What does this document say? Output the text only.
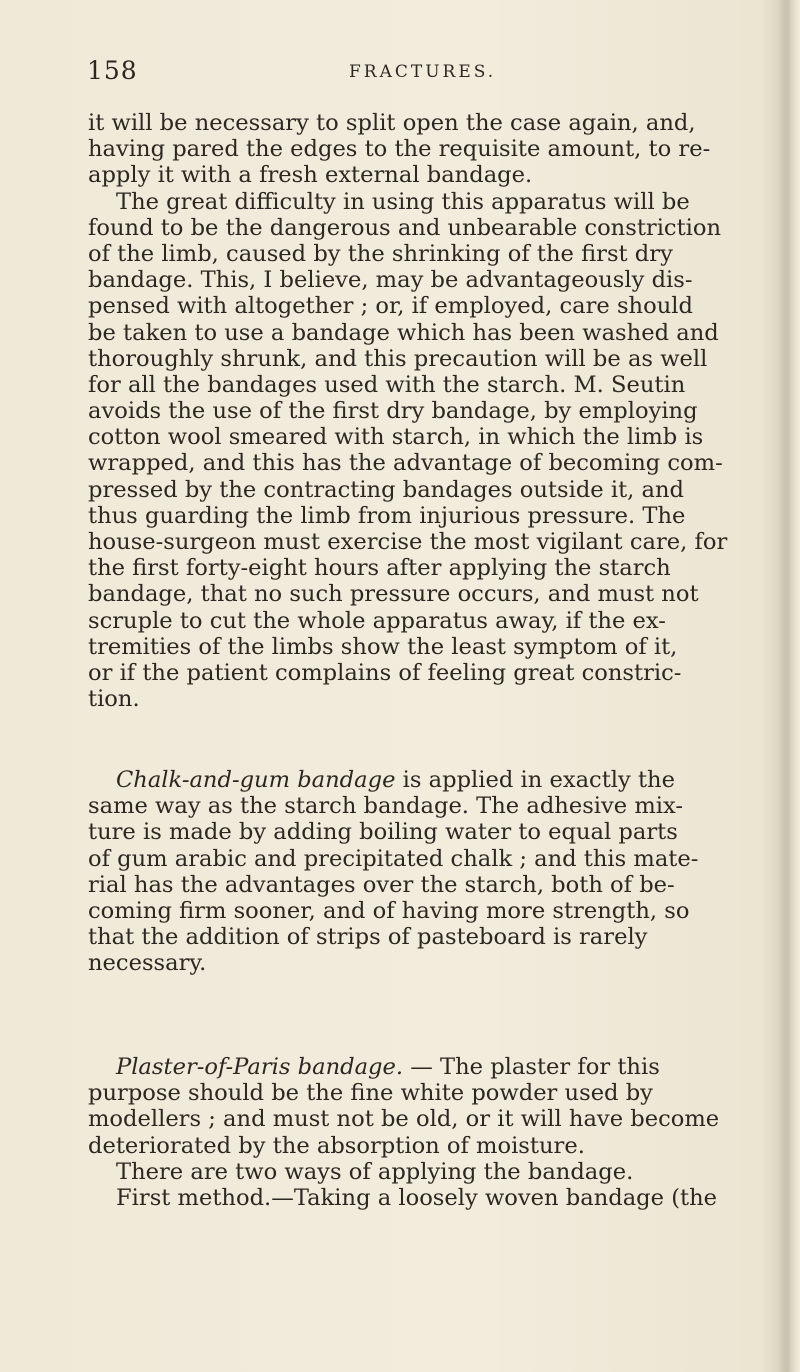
158	FRACTURES.

it will be necessary to split open the case again, and,
having pared the edges to the requisite amount, to re-
apply it with a fresh external bandage.
The great difficulty in using this apparatus will be
found to be the dangerous and unbearable constriction
of the limb, caused by the shrinking of the first dry
bandage. This, I believe, may be advantageously dis-
pensed with altogether ; or, if employed, care should
be taken to use a bandage which has been washed and
thoroughly shrunk, and this precaution will be as well
for all the bandages used with the starch. M. Seutin
avoids the use of the first dry bandage, by employing
cotton wool smeared with starch, in which the limb is
wrapped, and this has the advantage of becoming com-
pressed by the contracting bandages outside it, and
thus guarding the limb from injurious pressure. The
house-surgeon must exercise the most vigilant care, for
the first forty-eight hours after applying the starch
bandage, that no such pressure occurs, and must not
scruple to cut the whole apparatus away, if the ex-
tremities of the limbs show the least symptom of it,
or if the patient complains of feeling great constric-
tion.

Chalk-and-gum bandage is applied in exactly the
same way as the starch bandage. The adhesive mix-
ture is made by adding boiling water to equal parts
of gum arabic and precipitated chalk ; and this mate-
rial has the advantages over the starch, both of be-
coming firm sooner, and of having more strength, so
that the addition of strips of pasteboard is rarely
necessary.

Plaster-of-Paris bandage. — The plaster for this
purpose should be the fine white powder used by
modellers ; and must not be old, or it will have become
deteriorated by the absorption of moisture.
There are two ways of applying the bandage.
First method.—Taking a loosely woven bandage (the
